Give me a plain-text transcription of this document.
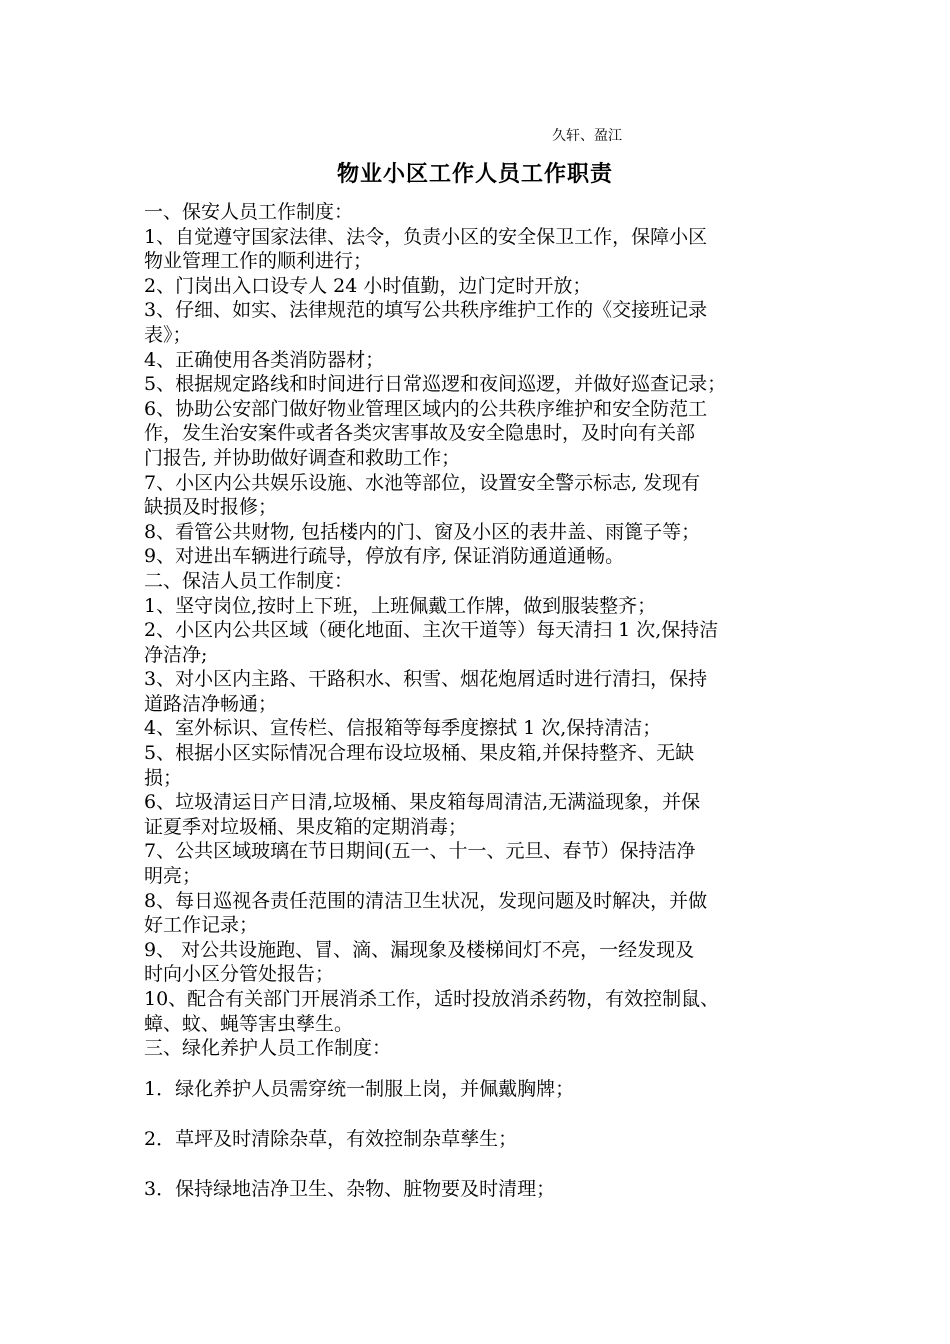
久轩、盈江
物业小区工作人员工作职责
一、保安人员工作制度：
1、自觉遵守国家法律、法令，负责小区的安全保卫工作，保障小区
物业管理工作的顺利进行；
2、门岗出入口设专人 24 小时值勤，边门定时开放；
3、仔细、如实、法律规范的填写公共秩序维护工作的《交接班记录
表》；
4、正确使用各类消防器材；
5、根据规定路线和时间进行日常巡逻和夜间巡逻，并做好巡查记录；
6、协助公安部门做好物业管理区域内的公共秩序维护和安全防范工
作，发生治安案件或者各类灾害事故及安全隐患时，及时向有关部
门报告, 并协助做好调查和救助工作；
7、小区内公共娱乐设施、水池等部位，设置安全警示标志, 发现有
缺损及时报修；
8、看管公共财物, 包括楼内的门、窗及小区的表井盖、雨篦子等；
9、对进出车辆进行疏导，停放有序, 保证消防通道通畅。
二、保洁人员工作制度：
1、坚守岗位,按时上下班，上班佩戴工作牌，做到服装整齐；
2、小区内公共区域（硬化地面、主次干道等）每天清扫 1 次,保持洁
净洁净;
3、对小区内主路、干路积水、积雪、烟花炮屑适时进行清扫，保持
道路洁净畅通；
4、室外标识、宣传栏、信报箱等每季度擦拭 1 次,保持清洁；
5、根据小区实际情况合理布设垃圾桶、果皮箱,并保持整齐、无缺
损；
6、垃圾清运日产日清,垃圾桶、果皮箱每周清洁,无满溢现象，并保
证夏季对垃圾桶、果皮箱的定期消毒；
7、公共区域玻璃在节日期间(五一、十一、元旦、春节）保持洁净
明亮；
8、每日巡视各责任范围的清洁卫生状况，发现问题及时解决，并做
好工作记录；
9、 对公共设施跑、冒、滴、漏现象及楼梯间灯不亮，一经发现及
时向小区分管处报告；
10、配合有关部门开展消杀工作，适时投放消杀药物，有效控制鼠、
蟑、蚊、蝇等害虫孳生。
三、绿化养护人员工作制度：
1．绿化养护人员需穿统一制服上岗，并佩戴胸牌；
2．草坪及时清除杂草，有效控制杂草孳生；
3．保持绿地洁净卫生、杂物、脏物要及时清理；
